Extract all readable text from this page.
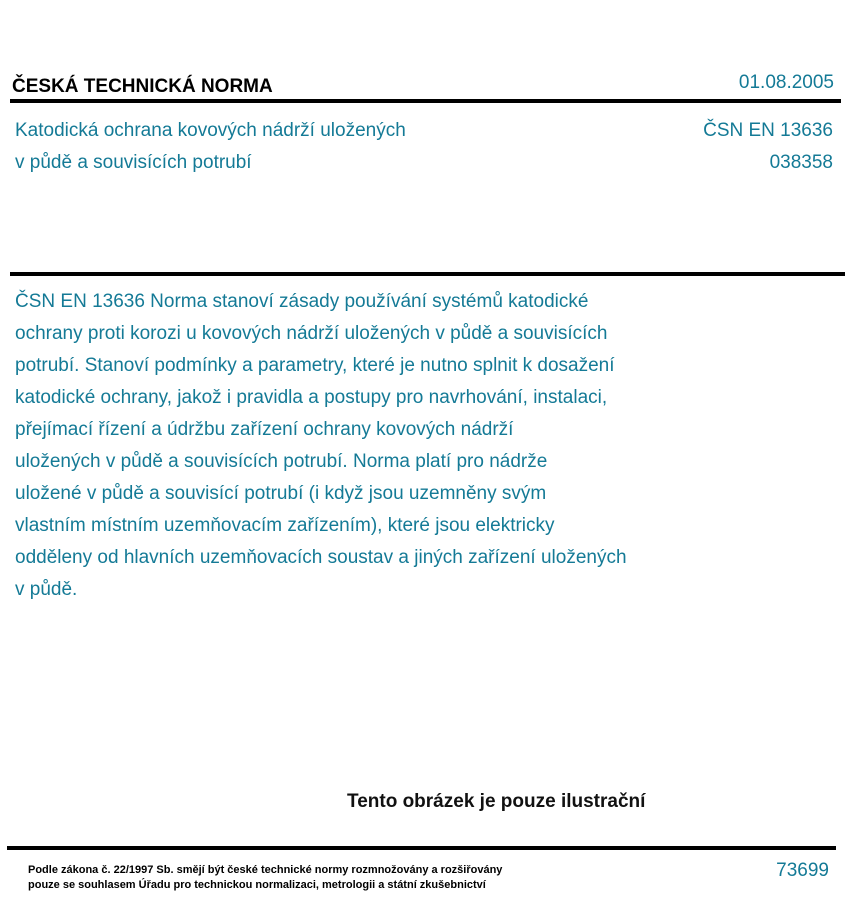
ČESKÁ TECHNICKÁ NORMA	01.08.2005
Katodická ochrana kovových nádrží uložených
v půdě a souvisících potrubí
ČSN EN 13636
038358
ČSN EN 13636 Norma stanoví zásady používání systémů katodické
ochrany proti korozi u kovových nádrží uložených v půdě a souvisících
potrubí. Stanoví podmínky a parametry, které je nutno splnit k dosažení
katodické ochrany, jakož i pravidla a postupy pro navrhování, instalaci,
přejímací řízení a údržbu zařízení ochrany kovových nádrží
uložených v půdě a souvisících potrubí. Norma platí pro nádrže
uložené v půdě a souvisící potrubí (i když jsou uzemněny svým
vlastním místním uzemňovacím zařízením), které jsou elektricky
odděleny od hlavních uzemňovacích soustav a jiných zařízení uložených
v půdě.
Tento obrázek je pouze ilustrační
Podle zákona č. 22/1997 Sb. smějí být české technické normy rozmnožovány a rozšiřovány
pouze se souhlasem Úřadu pro technickou normalizaci, metrologii a státní zkušebnictví
73699
